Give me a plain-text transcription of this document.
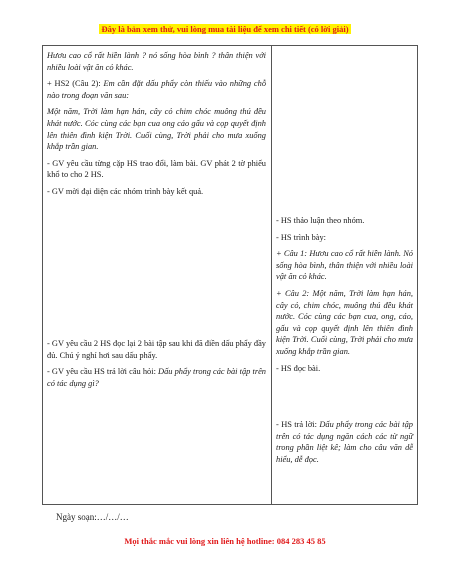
Đây là bản xem thử, vui lòng mua tài liệu để xem chi tiết (có lời giải)

Hươu cao cổ rất hiền lành ? nó sống hòa bình ? thân thiện với nhiều loài vật ăn cỏ khác.

+ HS2 (Câu 2): Em cần đặt dấu phẩy còn thiếu vào những chỗ nào trong đoạn văn sau:

Một năm, Trời làm hạn hán, cây cỏ chim chóc muông thú đều khát nước. Cóc cùng các bạn cua ong cáo gấu và cọp quyết định lên thiên đình kiện Trời. Cuối cùng, Trời phải cho mưa xuống khắp trần gian.

- GV yêu cầu từng cặp HS trao đổi, làm bài. GV phát 2 tờ phiếu khổ to cho 2 HS.

- GV mời đại diện các nhóm trình bày kết quả.

- GV yêu cầu 2 HS đọc lại 2 bài tập sau khi đã điền dấu phẩy đầy đủ. Chú ý nghỉ hơi sau dấu phẩy.

- GV yêu cầu HS trả lời câu hỏi: Dấu phẩy trong các bài tập trên có tác dụng gì?

- HS thảo luận theo nhóm.

- HS trình bày:

+ Câu 1: Hươu cao cổ rất hiền lành. Nó sống hòa bình, thân thiện với nhiều loài vật ăn cỏ khác.

+ Câu 2: Một năm, Trời làm hạn hán, cây cỏ, chim chóc, muông thú đều khát nước. Cóc cùng các bạn cua, ong, cáo, gấu và cọp quyết định lên thiên đình kiện Trời. Cuối cùng, Trời phải cho mưa xuống khắp trần gian.

- HS đọc bài.

- HS trả lời: Dấu phẩy trong các bài tập trên có tác dụng ngăn cách các từ ngữ trong phần liệt kê; làm cho câu văn dễ hiểu, dễ đọc.

Ngày soạn:…/…/…
Mọi thắc mắc vui lòng xin liên hệ hotline: 084 283 45 85
